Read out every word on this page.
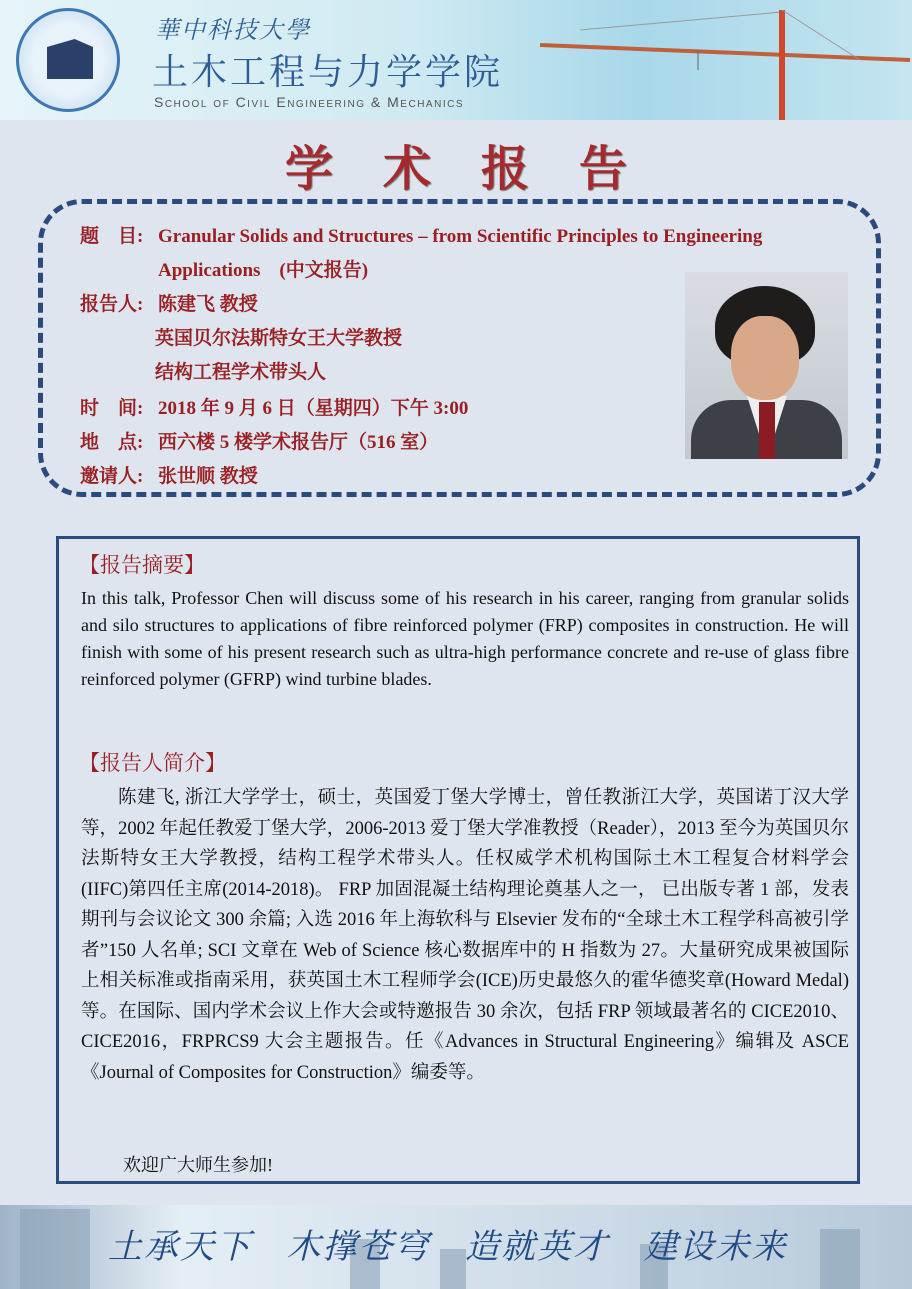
華中科技大學
土木工程与力学学院
School of Civil Engineering & Mechanics
学术报告
题　目: Granular Solids and Structures – from Scientific Principles to Engineering
Applications　(中文报告)
报告人: 陈建飞 教授
英国贝尔法斯特女王大学教授
结构工程学术带头人
时　间: 2018 年 9 月 6 日（星期四）下午 3:00
地　点: 西六楼 5 楼学术报告厅（516 室）
邀请人: 张世顺 教授
【报告摘要】
In this talk, Professor Chen will discuss some of his research in his career, ranging from granular solids and silo structures to applications of fibre reinforced polymer (FRP) composites in construction. He will finish with some of his present research such as ultra-high performance concrete and re-use of glass fibre reinforced polymer (GFRP) wind turbine blades.
【报告人简介】
陈建飞, 浙江大学学士，硕士，英国爱丁堡大学博士，曾任教浙江大学，英国诺丁汉大学等，2002 年起任教爱丁堡大学，2006-2013 爱丁堡大学准教授（Reader），2013 至今为英国贝尔法斯特女王大学教授，结构工程学术带头人。任权威学术机构国际土木工程复合材料学会(IIFC)第四任主席(2014-2018)。 FRP 加固混凝土结构理论奠基人之一， 已出版专著 1 部，发表期刊与会议论文 300 余篇; 入选 2016 年上海软科与 Elsevier 发布的“全球土木工程学科高被引学者”150 人名单; SCI 文章在 Web of Science 核心数据库中的 H 指数为 27。大量研究成果被国际上相关标准或指南采用，获英国土木工程师学会(ICE)历史最悠久的霍华德奖章(Howard Medal)等。在国际、国内学术会议上作大会或特邀报告 30 余次，包括 FRP 领域最著名的 CICE2010、CICE2016，FRPRCS9 大会主题报告。任《Advances in Structural Engineering》编辑及 ASCE《Journal of Composites for Construction》编委等。
欢迎广大师生参加!
土承天下 木撑苍穹 造就英才 建设未来
